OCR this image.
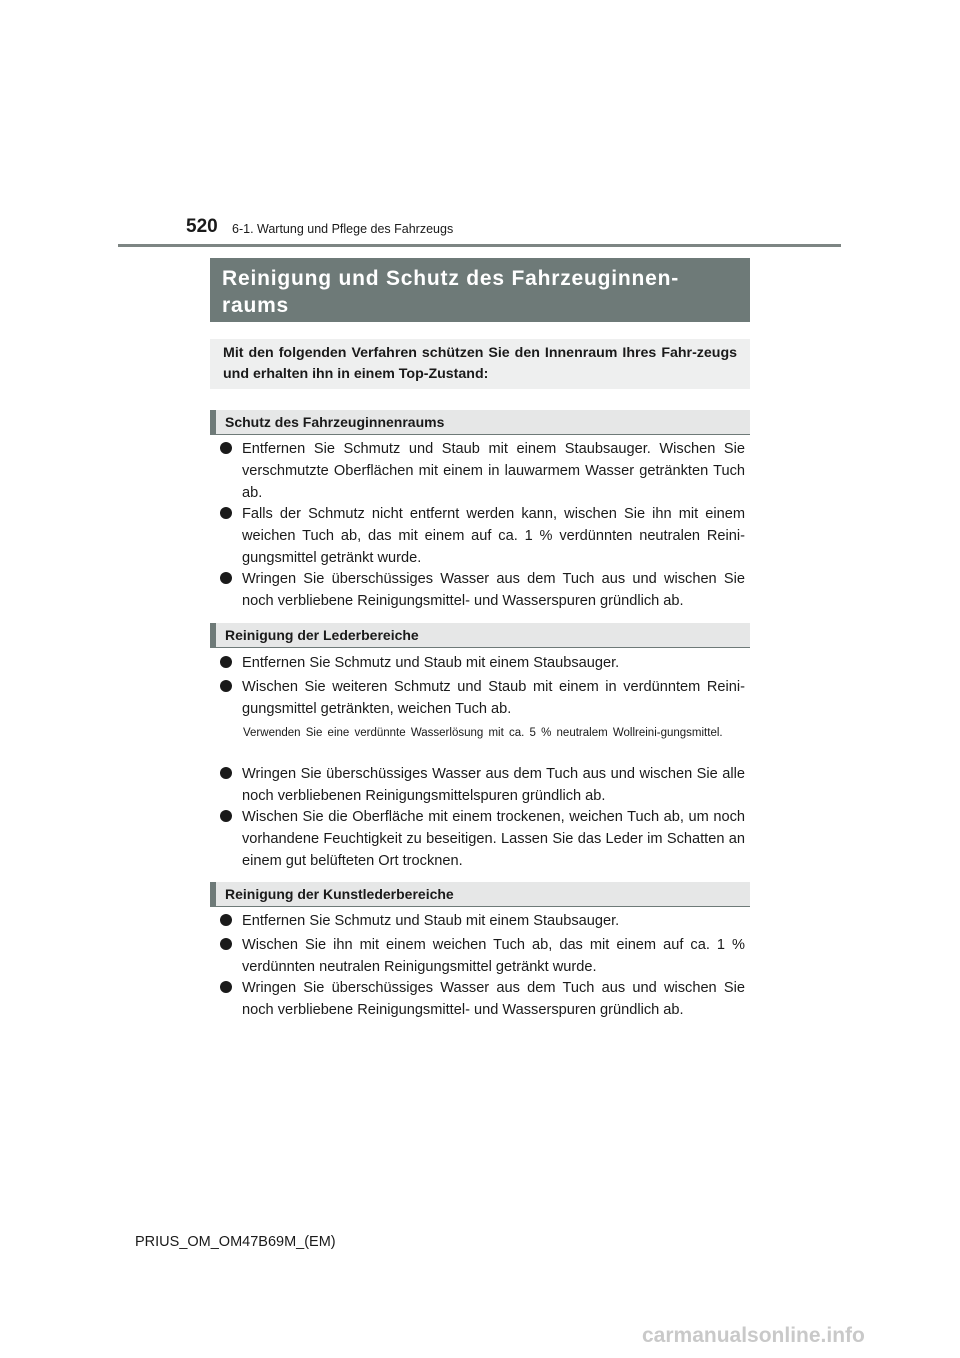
520 6-1. Wartung und Pflege des Fahrzeugs
Reinigung und Schutz des Fahrzeuginnen-
raums
Mit den folgenden Verfahren schützen Sie den Innenraum Ihres Fahr-zeugs und erhalten ihn in einem Top-Zustand:
Schutz des Fahrzeuginnenraums
Entfernen Sie Schmutz und Staub mit einem Staubsauger. Wischen Sie verschmutzte Oberflächen mit einem in lauwarmem Wasser getränkten Tuch ab.
Falls der Schmutz nicht entfernt werden kann, wischen Sie ihn mit einem weichen Tuch ab, das mit einem auf ca. 1 % verdünnten neutralen Reini-gungsmittel getränkt wurde.
Wringen Sie überschüssiges Wasser aus dem Tuch aus und wischen Sie noch verbliebene Reinigungsmittel- und Wasserspuren gründlich ab.
Reinigung der Lederbereiche
Entfernen Sie Schmutz und Staub mit einem Staubsauger.
Wischen Sie weiteren Schmutz und Staub mit einem in verdünntem Reini-gungsmittel getränkten, weichen Tuch ab.
Verwenden Sie eine verdünnte Wasserlösung mit ca. 5 % neutralem Wollreini-gungsmittel.
Wringen Sie überschüssiges Wasser aus dem Tuch aus und wischen Sie alle noch verbliebenen Reinigungsmittelspuren gründlich ab.
Wischen Sie die Oberfläche mit einem trockenen, weichen Tuch ab, um noch vorhandene Feuchtigkeit zu beseitigen. Lassen Sie das Leder im Schatten an einem gut belüfteten Ort trocknen.
Reinigung der Kunstlederbereiche
Entfernen Sie Schmutz und Staub mit einem Staubsauger.
Wischen Sie ihn mit einem weichen Tuch ab, das mit einem auf ca. 1 % verdünnten neutralen Reinigungsmittel getränkt wurde.
Wringen Sie überschüssiges Wasser aus dem Tuch aus und wischen Sie noch verbliebene Reinigungsmittel- und Wasserspuren gründlich ab.
PRIUS_OM_OM47B69M_(EM)
carmanualsonline.info
